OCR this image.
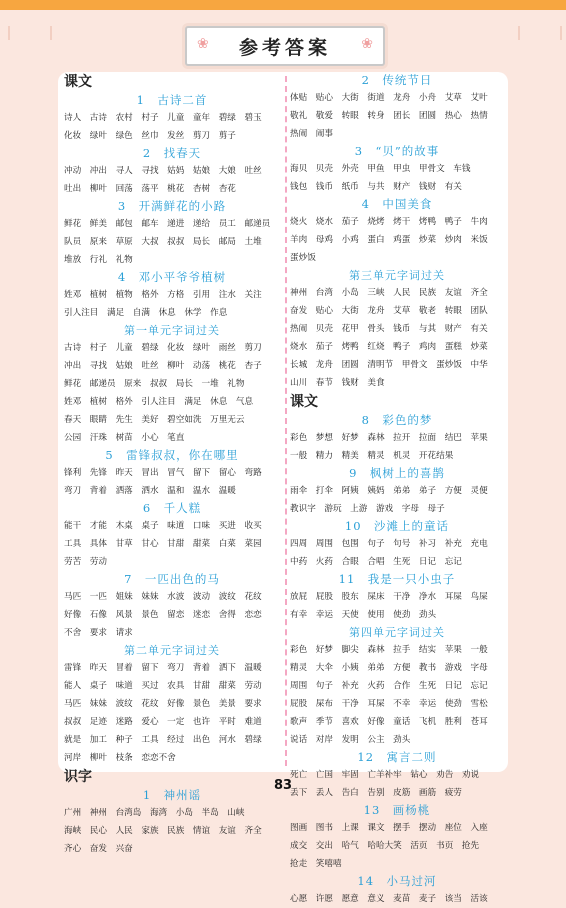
❀	参考答案	❀
课文
1　古诗二首
诗人　古诗　农村　村子　儿童　童年　碧绿　碧玉
化妆　绿叶　绿色　丝巾　发丝　剪刀　剪子
2　找春天
冲动　冲出　寻人　寻找　姑妈　姑娘　大娘　吐丝
吐出　柳叶　回荡　荡平　桃花　杏树　杏花
3　开满鲜花的小路
鲜花　鲜美　邮包　邮车　递进　递给　员工　邮递员
队员　原来　草原　大叔　叔叔　局长　邮局　土堆
堆放　行礼　礼物
4　邓小平爷爷植树
姓邓　植树　植物　格外　方格　引用　注水　关注
引人注目　满足　自满　休息　休学　作息
第一单元字词过关
古诗　村子　儿童　碧绿　化妆　绿叶　雨丝　剪刀
冲出　寻找　姑娘　吐丝　柳叶　动荡　桃花　杏子
鲜花　邮递员　原来　叔叔　局长　一堆　礼物
姓邓　植树　格外　引人注目　满足　休息　气息
春天　眼睛　先生　美好　碧空如洗　万里无云
公园　汗珠　树苗　小心　笔直
5　雷锋叔叔，你在哪里
锋利　先锋　昨天　冒出　冒气　留下　留心　弯路
弯刀　背着　洒落　洒水　温和　温水　温暖
6　千人糕
能干　才能　木桌　桌子　味道　口味　买进　收买
工具　具体　甘草　甘心　甘甜　甜菜　白菜　菜园
劳苦　劳动
7　一匹出色的马
马匹　一匹　姐妹　妹妹　水波　波动　波纹　花纹
好像　石像　风景　景色　留恋　迷恋　舍得　恋恋
不舍　要求　请求
第二单元字词过关
雷锋　昨天　冒着　留下　弯刀　背着　洒下　温暖
能人　桌子　味道　买过　农具　甘甜　甜菜　劳动
马匹　妹妹　波纹　花纹　好像　景色　美景　要求
叔叔　足迹　迷路　爱心　一定　也许　平时　难道
就是　加工　种子　工具　经过　出色　河水　碧绿
河岸　柳叶　枝条　恋恋不舍
识字
1　神州谣
广州　神州　台湾岛　海湾　小岛　半岛　山峡
海峡　民心　人民　家族　民族　情谊　友谊　齐全
齐心　奋发　兴奋
2　传统节日
体贴　贴心　大街　街道　龙舟　小舟　艾草　艾叶
敬礼　敬爱　转眼　转身　团长　团圆　热心　热情
热闹　闹事
3　“贝”的故事
海贝　贝壳　外壳　甲鱼　甲虫　甲骨文　车钱
钱包　钱币　纸币　与共　财产　钱财　有关
4　中国美食
烧火　烧水　茄子　烧烤　烤干　烤鸭　鸭子　牛肉
羊肉　母鸡　小鸡　蛋白　鸡蛋　炒菜　炒肉　米饭
蛋炒饭
第三单元字词过关
神州　台湾　小岛　三峡　人民　民族　友谊　齐全
奋发　贴心　大街　龙舟　艾草　敬老　转眼　团队
热闹　贝壳　花甲　骨头　钱币　与其　财产　有关
烧水　茄子　烤鸭　红烧　鸭子　鸡肉　蛋糕　炒菜
长城　龙舟　团圆　清明节　甲骨文　蛋炒饭　中华
山川　春节　钱财　美食
课文
8　彩色的梦
彩色　梦想　好梦　森林　拉开　拉面　结巴　苹果
一般　精力　精美　精灵　机灵　开花结果
9　枫树上的喜鹊
雨伞　打伞　阿姨　姨妈　弟弟　弟子　方便　灵便
教识字　游玩　上游　游戏　字母　母子
10　沙滩上的童话
四周　周围　包围　句子　句号　补习　补充　充电
中药　火药　合眼　合唱　生死　日记　忘记
11　我是一只小虫子
放屁　屁股　股东　屎床　干净　净水　耳屎　鸟屎
有幸　幸运　天使　使用　使劲　劲头
第四单元字词过关
彩色　好梦　脚尖　森林　拉手　结实　苹果　一般
精灵　大伞　小姨　弟弟　方便　教书　游戏　字母
周围　句子　补充　火药　合作　生死　日记　忘记
屁股　屎布　干净　耳屎　不幸　幸运　使劲　雪松
歌声　季节　喜欢　好像　童话　飞机　胜利　苍耳
说话　对岸　发明　公主　劲头
12　寓言二则
死亡　亡国　牢固　亡羊补牢　钻心　劝告　劝说
丢下　丢人　告白　告别　皮筋　画筋　疲劳
13　画杨桃
图画　图书　上课　课文　摆手　摆动　座位　入座
成交　交出　哈气　哈哈大笑　活页　书页　抢先
抢走　笑嘻嘻
14　小马过河
心愿　许愿　愿意　意义　麦苗　麦子　该当　活该
83
